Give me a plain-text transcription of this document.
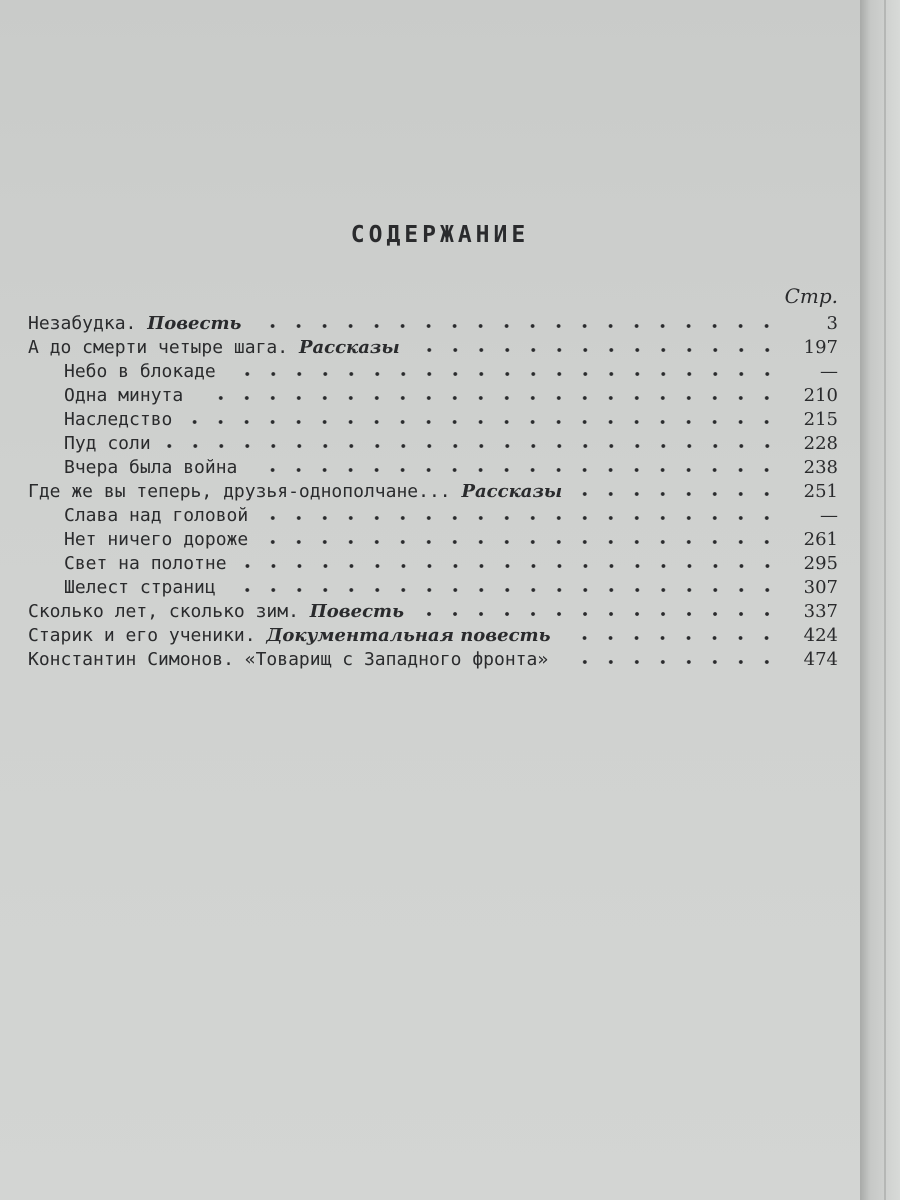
СОДЕРЖАНИЕ
Стр.
Незабудка. Повесть	3
А до смерти четыре шага. Рассказы	197
Небо в блокаде	—
Одна минута	210
Наследство	215
Пуд соли	228
Вчера была война	238
Где же вы теперь, друзья-однополчане... Рассказы	251
Слава над головой	—
Нет ничего дороже	261
Свет на полотне	295
Шелест страниц	307
Сколько лет, сколько зим. Повесть	337
Старик и его ученики. Документальная повесть	424
Константин Симонов. «Товарищ с Западного фронта»	474
